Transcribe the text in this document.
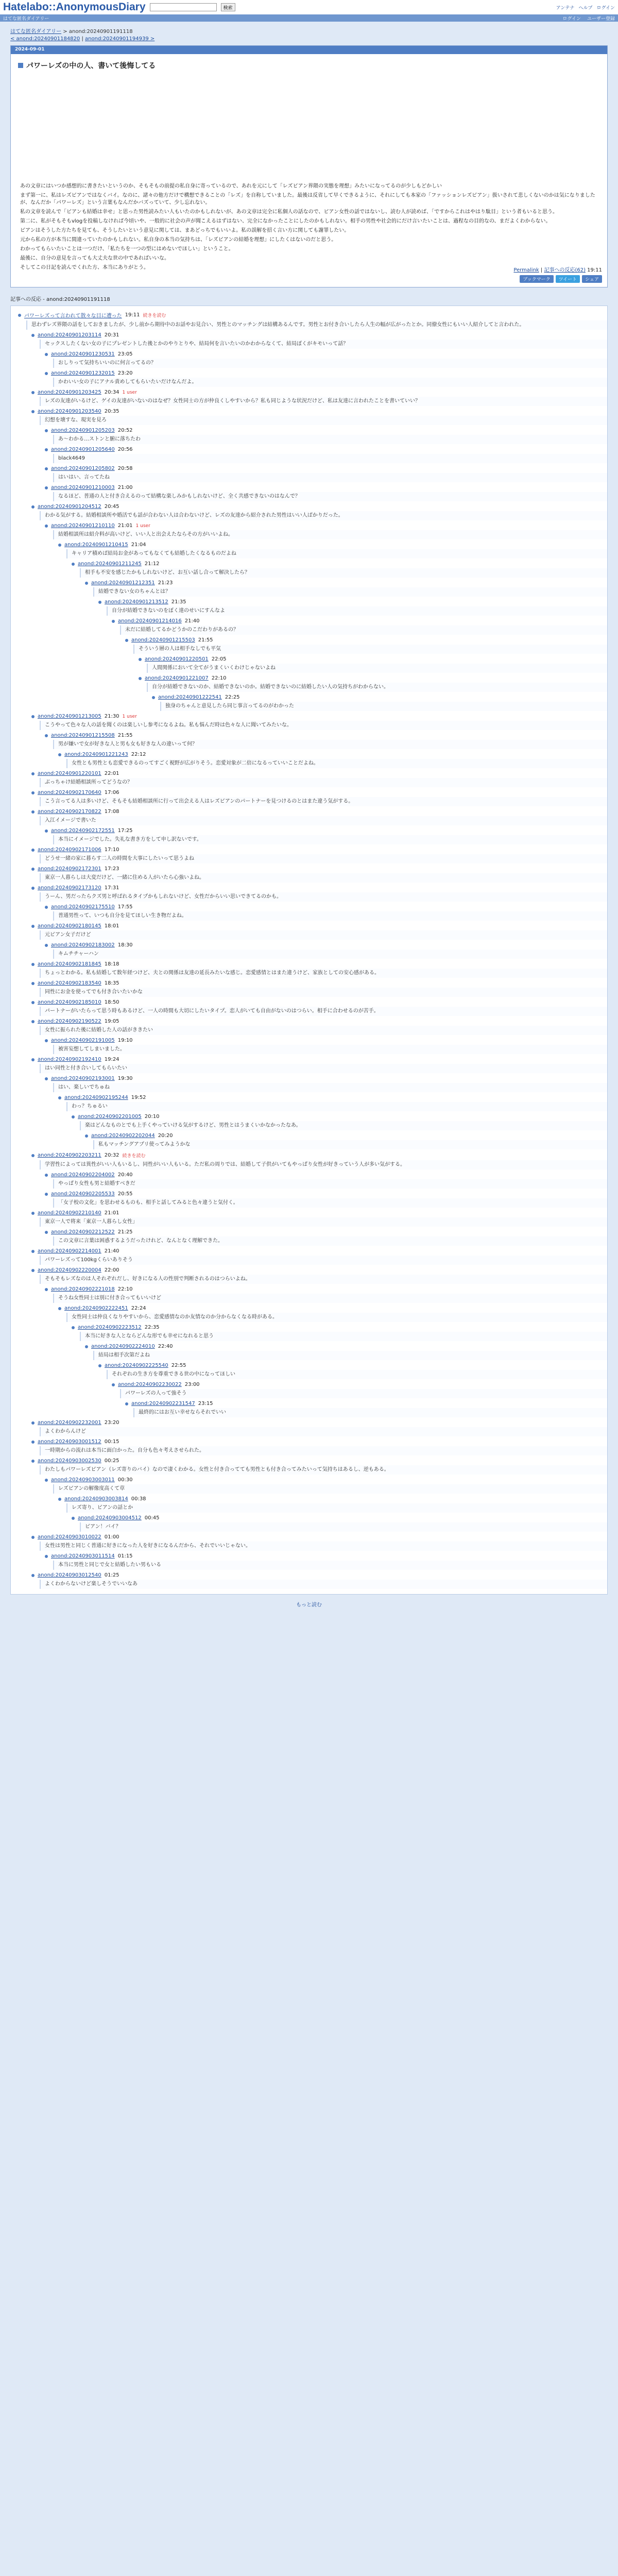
Hatelabo::AnonymousDiary	検索	アンテナ ヘルプ ログイン
はてな匿名ダイアリー	ログイン ユーザー登録
はてな匿名ダイアリー > anond:20240901191118
< anond:20240901184820 | anond:20240901194939 >
2024-09-01
パワーレズの中の人、書いて後悔してる

あの文章にはいつか感想的に書きたいというのか、そもそもの前提の私自身に寄っているので、あれを元にして「レズビアン界隈の実態を理想」みたいになってるのが少しもどかしい

まず第一に、私はレズビアンではなくバイ。なのに、諸々の他方だけで構想できることの「レズ」を自称していました。最後は反省して早くできるように、それにしても本家の「ファッションレズビアン」扱いされて悲しくないのかは気になりましたが、なんだか「パワーレズ」という言葉もなんだかバズっていて、少し忘れない。

私の文章を読んで「ビアンも結婚は幸せ」と思った男性読みたい人もいたのかもしれないが、あの文章は完全に私個人の話なので、ビアン女性の話ではないし、読む人が読めば、「ですからこれはやはり駄目」という者もいると思う。

第二に、私がそもそもvlogを投稿しなければ今頃いや、一般的に社会の声が聞こえるはずはない、完全になかったことにしたのかもしれない。相手の男性や社会的にだけ言いたいことは、過程なの目的なの、まだよくわからない。

ビアンはそうした方たちを見ても、そうしたいという意見に関しては、まあどっちでもいいよ。私の誤解を招く言い方に関しても謝罪したい。

元から私の方が本当に間違っていたのかもしれない。私自身の本当の気持ちは、「レズビアンの結婚を理想」にしたくはないのだと思う。

わかってもらいたいことは一つだけ、「私たちを一つの型にはめないでほしい」ということ。

最後に、自分の意見を言っても大丈夫な世の中であればいいな。

そしてこの日記を読んでくれた方、本当にありがとう。	Permalink | 記事への反応(62) 19:11
ブックマーク	ツイート	シェア
記事への反応 - anond:20240901191118
パワーレズって言われて散々な目に遭った 19:11 続きを読む
思わずレズ界隈の話をしておきましたが、少し前から期待中のお話やお見合い、男性とのマッチングは結構あるんです。男性とお付き合いしたら人生の幅が広がったとか。同僚女性にもいい人紹介してと言われた。
anond:20240901203114 20:31
セックスしたくない女の子にプレゼントした後とかのやりとりや、結局何を言いたいのかわからなくて、結局ぼくがキモいって話？
anond:20240901230531 23:05
おしりって気持ちいいのに何言ってるの？
anond:20240901232015 23:20
かわいい女の子にアナル責めしてもらいたいだけなんだよ。
anond:20240901203425 20:34 1 user
レズの友達がいるけど、ゲイの友達がいないのはなぜ？女性同士の方が仲良くしやすいから？私も同じような状況だけど、私は友達に言われたことを書いていい？
anond:20240901203540 20:35
幻想を壊すな、現実を見ろ
anond:20240901205203 20:52
あ～わかる…ストンと腑に落ちたわ
anond:20240901205640 20:56
black4649
anond:20240901205802 20:58
はいはい、言ってたね
anond:20240901210003 21:00
なるほど、普通の人と付き合えるのって結構な楽しみかもしれないけど、全く共感できないのはなんで？
anond:20240901204512 20:45
わかる気がする。結婚相談所や婚活でも話が合わない人は合わないけど、レズの友達から紹介された男性はいい人ばかりだった。
anond:20240901210110 21:01 1 user
結婚相談所は紹介料が高いけど、いい人と出会えたならその方がいいよね。
anond:20240901210415 21:04
キャリア積めば結局お金があってもなくても結婚したくなるものだよね
anond:20240901211245 21:12
相手も不安を感じたかもしれないけど、お互い話し合って解決したら？
anond:20240901212351 21:23
結婚できない女のちゃんとは？
anond:20240901213512 21:35
自分が結婚できないのをぼく達のせいにすんなよ
anond:20240901214016 21:40
未だに結婚してるかどうかのこだわりがあるの？
anond:20240901215503 21:55
そういう層の人は相手なしでも平気
anond:20240901220501 22:05
人間関係において全てがうまくいくわけじゃないよね
anond:20240901221007 22:10
自分が結婚できないのか、結婚できないのか。結婚できないのに結婚したい人の気持ちがわからない。
anond:20240901222541 22:25
独身のちゃんと意見したら同じ事言ってるのがわかった
anond:20240901213005 21:30 1 user
こうやって色々な人の話を聞くのは楽しいし参考になるよね。私も悩んだ時は色々な人に聞いてみたいな。
anond:20240901215508 21:55
男が嫌いで女が好きな人と男も女も好きな人の違いって何？
anond:20240901221243 22:12
女性とも男性とも恋愛できるのってすごく視野が広がりそう。恋愛対象が二倍になるっていいことだよね。
anond:20240901220101 22:01
ぶっちゃけ結婚相談所ってどうなの？
anond:20240902170640 17:06
こう言ってる人は多いけど、そもそも結婚相談所に行って出会える人はレズビアンのパートナーを見つけるのとはまた違う気がする。
anond:20240902170822 17:08
入江イメージで書いた
anond:20240902172551 17:25
本当にイメージでした。失礼な書き方をして申し訳ないです。
anond:20240902171006 17:10
どうせ一緒の家に暮らす二人の時間を大事にしたいって思うよね
anond:20240902172301 17:23
東京一人暮らしは大変だけど、一緒に住める人がいたら心強いよね。
anond:20240902173120 17:31
うーん、男だったらクズ男と呼ばれるタイプかもしれないけど、女性だからいい思いできてるのかも。
anond:20240902175510 17:55
普通男性って、いつも自分を見てほしい生き物だよね。
anond:20240902180145 18:01
元ビアン女子だけど
anond:20240902183002 18:30
キムチチャーハン
anond:20240902181845 18:18
ちょっとわかる。私も結婚して数年経つけど、夫との関係は友達の延長みたいな感じ。恋愛感情とはまた違うけど、家族としての安心感がある。
anond:20240902183540 18:35
同性にお金を使ってでも付き合いたいかな
anond:20240902185010 18:50
パートナーがいたらって思う時もあるけど、一人の時間も大切にしたいタイプ。恋人がいても自由がないのはつらい。相手に合わせるのが苦手。
anond:20240902190522 19:05
女性に振られた後に結婚した人の話がききたい
anond:20240902191005 19:10
被害妄想してしまいました。
anond:20240902192410 19:24
はい同性と付き合いしてもらいたい
anond:20240902193001 19:30
はい、楽しいでちゅね
anond:20240902195244 19:52
わっ？ちゅるい
anond:20240902201005 20:10
楽はどんなものとでも上手くやっていける気がするけど、男性とはうまくいかなかったなあ。
anond:20240902202044 20:20
私もマッチングアプリ使ってみようかな
anond:20240902203211 20:32 続きを読む
学習性によっては異性がいい人もいるし、同性がいい人もいる。ただ私の周りでは、結婚して子供がいてもやっぱり女性が好きっていう人が多い気がする。
anond:20240902204002 20:40
やっぱり女性も男と結婚すべきだ
anond:20240902205533 20:55
「女子校の文化」を思わせるものも、相手と話してみると色々違うと気付く。
anond:20240902210140 21:01
東京一人で将来「東京一人暮らし女性」
anond:20240902212522 21:25
この文章に言葉は困惑するようだったけれど、なんとなく理解できた。
anond:20240902214001 21:40
パワーレズって100kgくらいありそう
anond:20240902220004 22:00
そもそもレズなのは人それぞれだし、好きになる人の性別で判断されるのはつらいよね。
anond:20240902221018 22:10
そうね女性同士は別に付き合ってもいいけど
anond:20240902222451 22:24
女性同士は仲良くなりやすいから、恋愛感情なのか友情なのか分からなくなる時がある。
anond:20240902223512 22:35
本当に好きな人とならどんな形でも幸せになれると思う
anond:20240902224010 22:40
結局は相手次第だよね
anond:20240902225540 22:55
それぞれの生き方を尊重できる世の中になってほしい
anond:20240902230022 23:00
パワーレズの人って強そう
anond:20240902231547 23:15
最終的にはお互い幸せならそれでいい
anond:20240902232001 23:20
よくわからんけど
anond:20240903001512 00:15
一時期からの流れは本当に面白かった。自分も色々考えさせられた。
anond:20240903002530 00:25
わたしもパワーレズビアン（レズ寄りのバイ）なので凄くわかる。女性と付き合ってても男性とも付き合ってみたいって気持ちはあるし、逆もある。
anond:20240903003011 00:30
レズビアンの解像度高くて草
anond:20240903003814 00:38
レズ寄り、ビアンの話とか
anond:20240903004512 00:45
ビアン！バイ？
anond:20240903010022 01:00
女性は男性と同じく普通に好きになった人を好きになるんだから、それでいいじゃない。
anond:20240903011514 01:15
本当に男性と同じで女と結婚したい男もいる
anond:20240903012540 01:25
よくわからないけど楽しそうでいいなあ
もっと読む
